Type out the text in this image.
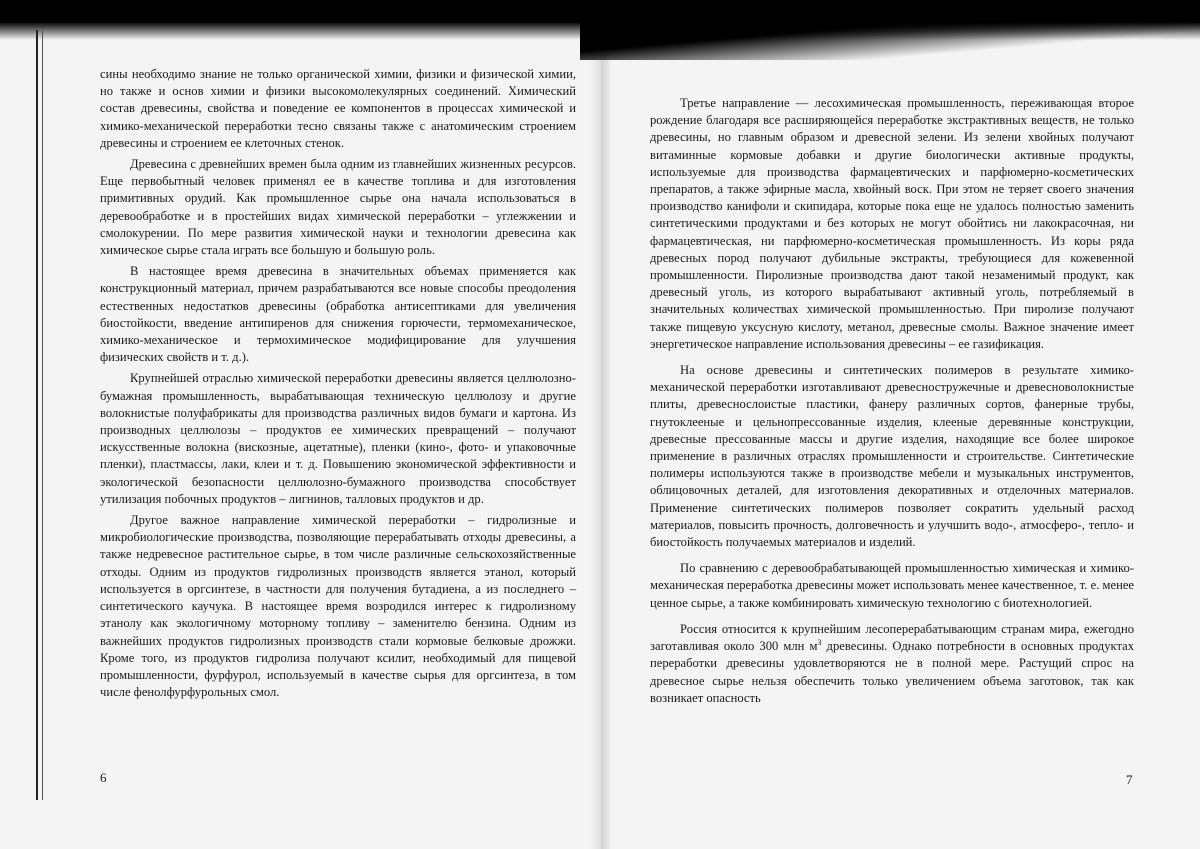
сины необходимо знание не только органической химии, физики и физической химии, но также и основ химии и физики высокомолекулярных соединений. Химический состав древесины, свойства и поведение ее компонентов в процессах химической и химико-механической переработки тесно связаны также с анатомическим строением древесины и строением ее клеточных стенок.

Древесина с древнейших времен была одним из главнейших жизненных ресурсов. Еще первобытный человек применял ее в качестве топлива и для изготовления примитивных орудий. Как промышленное сырье она начала использоваться в деревообработке и в простейших видах химической переработки – углежжении и смолокурении. По мере развития химической науки и технологии древесина как химическое сырье стала играть все большую и большую роль.

В настоящее время древесина в значительных объемах применяется как конструкционный материал, причем разрабатываются все новые способы преодоления естественных недостатков древесины (обработка антисептиками для увеличения биостойкости, введение антипиренов для снижения горючести, термомеханическое, химико-механическое и термохимическое модифицирование для улучшения физических свойств и т. д.).

Крупнейшей отраслью химической переработки древесины является целлюлозно-бумажная промышленность, вырабатывающая техническую целлюлозу и другие волокнистые полуфабрикаты для производства различных видов бумаги и картона. Из производных целлюлозы – продуктов ее химических превращений – получают искусственные волокна (вискозные, ацетатные), пленки (кино-, фото- и упаковочные пленки), пластмассы, лаки, клеи и т. д. Повышению экономической эффективности и экологической безопасности целлюлозно-бумажного производства способствует утилизация побочных продуктов – лигнинов, талловых продуктов и др.

Другое важное направление химической переработки – гидролизные и микробиологические производства, позволяющие перерабатывать отходы древесины, а также недревесное растительное сырье, в том числе различные сельскохозяйственные отходы. Одним из продуктов гидролизных производств является этанол, который используется в оргсинтезе, в частности для получения бутадиена, а из последнего – синтетического каучука. В настоящее время возродился интерес к гидролизному этанолу как экологичному моторному топливу – заменителю бензина. Одним из важнейших продуктов гидролизных производств стали кормовые белковые дрожжи. Кроме того, из продуктов гидролиза получают ксилит, необходимый для пищевой промышленности, фурфурол, используемый в качестве сырья для оргсинтеза, в том числе фенолфурфурольных смол.

6

Третье направление — лесохимическая промышленность, переживающая второе рождение благодаря все расширяющейся переработке экстрактивных веществ, не только древесины, но главным образом и древесной зелени. Из зелени хвойных получают витаминные кормовые добавки и другие биологически активные продукты, используемые для производства фармацевтических и парфюмерно-косметических препаратов, а также эфирные масла, хвойный воск. При этом не теряет своего значения производство канифоли и скипидара, которые пока еще не удалось полностью заменить синтетическими продуктами и без которых не могут обойтись ни лакокрасочная, ни фармацевтическая, ни парфюмерно-косметическая промышленность. Из коры ряда древесных пород получают дубильные экстракты, требующиеся для кожевенной промышленности. Пиролизные производства дают такой незаменимый продукт, как древесный уголь, из которого вырабатывают активный уголь, потребляемый в значительных количествах химической промышленностью. При пиролизе получают также пищевую уксусную кислоту, метанол, древесные смолы. Важное значение имеет энергетическое направление использования древесины – ее газификация.

На основе древесины и синтетических полимеров в результате химико-механической переработки изготавливают древесностружечные и древесноволокнистые плиты, древеснослоистые пластики, фанеру различных сортов, фанерные трубы, гнутоклееные и цельнопрессованные изделия, клееные деревянные конструкции, древесные прессованные массы и другие изделия, находящие все более широкое применение в различных отраслях промышленности и строительстве. Синтетические полимеры используются также в производстве мебели и музыкальных инструментов, облицовочных деталей, для изготовления декоративных и отделочных материалов. Применение синтетических полимеров позволяет сократить удельный расход материалов, повысить прочность, долговечность и улучшить водо-, атмосферо-, тепло- и биостойкость получаемых материалов и изделий.

По сравнению с деревообрабатывающей промышленностью химическая и химико-механическая переработка древесины может использовать менее качественное, т. е. менее ценное сырье, а также комбинировать химическую технологию с биотехнологией.

Россия относится к крупнейшим лесоперерабатывающим странам мира, ежегодно заготавливая около 300 млн $м^3$ древесины. Однако потребности в основных продуктах переработки древесины удовлетворяются не в полной мере. Растущий спрос на древесное сырье нельзя обеспечить только увеличением объема заготовок, так как возникает опасность

7
